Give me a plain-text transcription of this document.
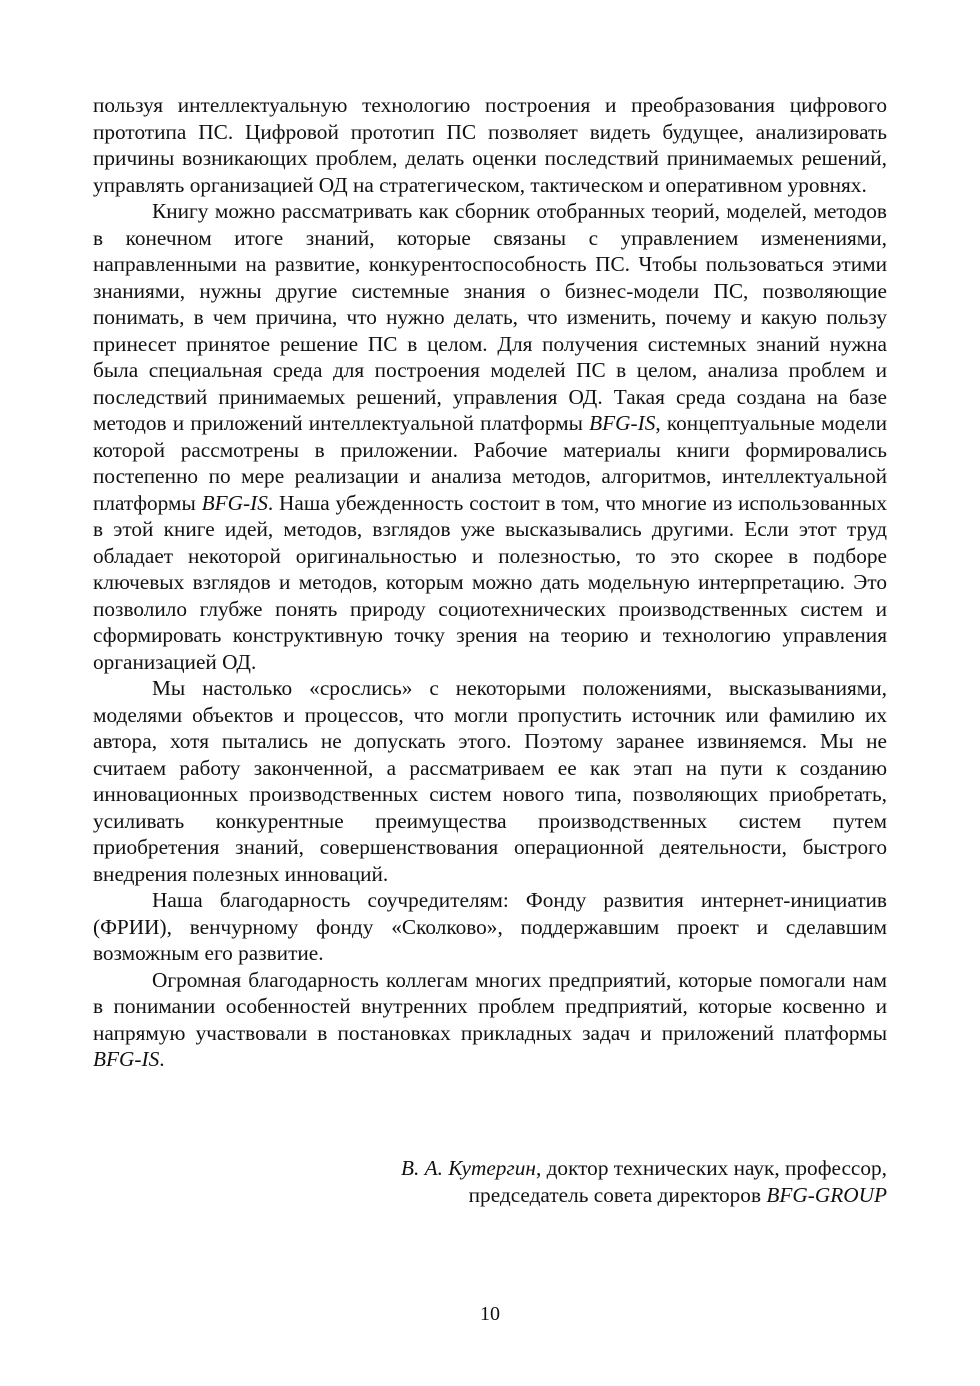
пользуя интеллектуальную технологию построения и преобразования цифрового прототипа ПС. Цифровой прототип ПС позволяет видеть будущее, анализировать причины возникающих проблем, делать оценки последствий принимаемых решений, управлять организацией ОД на стратегическом, тактическом и оперативном уровнях.

Книгу можно рассматривать как сборник отобранных теорий, моделей, методов в конечном итоге знаний, которые связаны с управлением изменениями, направленными на развитие, конкурентоспособность ПС. Чтобы пользоваться этими знаниями, нужны другие системные знания о бизнес-модели ПС, позволяющие понимать, в чем причина, что нужно делать, что изменить, почему и какую пользу принесет принятое решение ПС в целом. Для получения системных знаний нужна была специальная среда для построения моделей ПС в целом, анализа проблем и последствий принимаемых решений, управления ОД. Такая среда создана на базе методов и приложений интеллектуальной платформы BFG-IS, концептуальные модели которой рассмотрены в приложении. Рабочие материалы книги формировались постепенно по мере реализации и анализа методов, алгоритмов, интеллектуальной платформы BFG-IS. Наша убежденность состоит в том, что многие из использованных в этой книге идей, методов, взглядов уже высказывались другими. Если этот труд обладает некоторой оригинальностью и полезностью, то это скорее в подборе ключевых взглядов и методов, которым можно дать модельную интерпретацию. Это позволило глубже понять природу социотехнических производственных систем и сформировать конструктивную точку зрения на теорию и технологию управления организацией ОД.

Мы настолько «срослись» с некоторыми положениями, высказываниями, моделями объектов и процессов, что могли пропустить источник или фамилию их автора, хотя пытались не допускать этого. Поэтому заранее извиняемся. Мы не считаем работу законченной, а рассматриваем ее как этап на пути к созданию инновационных производственных систем нового типа, позволяющих приобретать, усиливать конкурентные преимущества производственных систем путем приобретения знаний, совершенствования операционной деятельности, быстрого внедрения полезных инноваций.

Наша благодарность соучредителям: Фонду развития интернет-инициатив (ФРИИ), венчурному фонду «Сколково», поддержавшим проект и сделавшим возможным его развитие.

Огромная благодарность коллегам многих предприятий, которые помогали нам в понимании особенностей внутренних проблем предприятий, которые косвенно и напрямую участвовали в постановках прикладных задач и приложений платформы BFG-IS.

В. А. Кутергин, доктор технических наук, профессор,
председатель совета директоров BFG-GROUP
10
